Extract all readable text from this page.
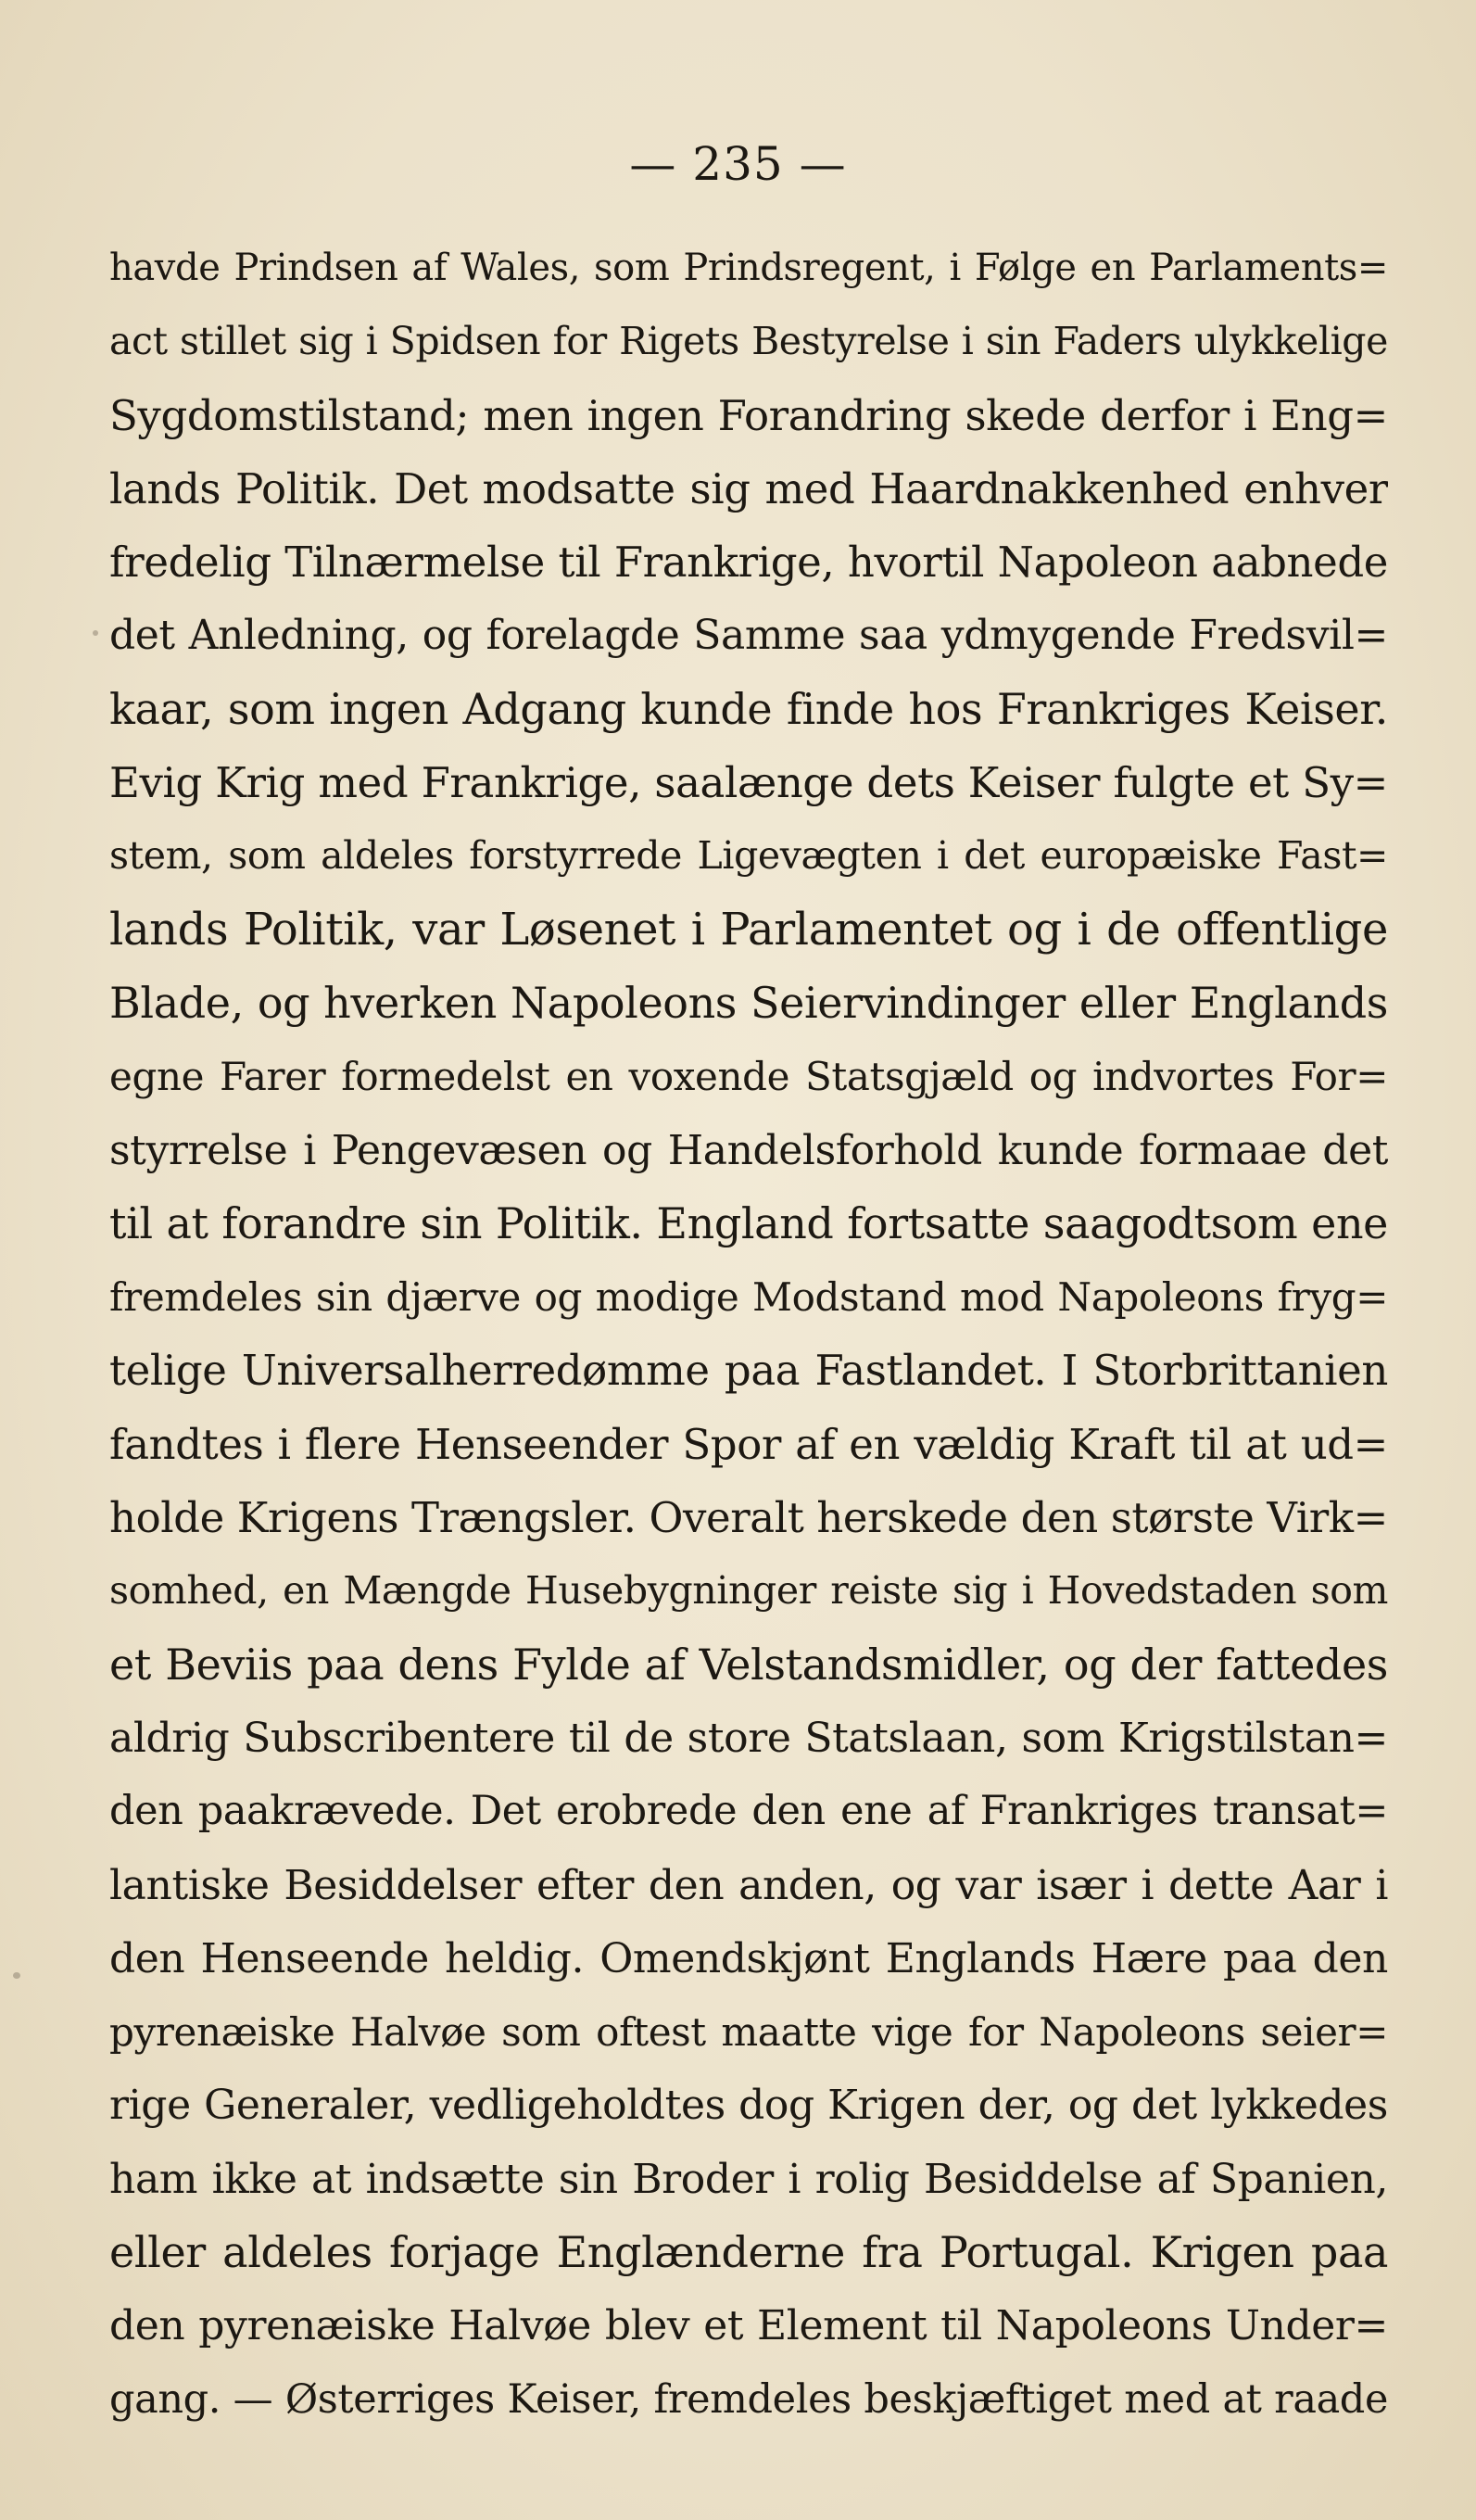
— 235 —
havde Prindsen af Wales, som Prindsregent, i Følge en Parlaments=
act stillet sig i Spidsen for Rigets Bestyrelse i sin Faders ulykkelige
Sygdomstilstand; men ingen Forandring skede derfor i Eng=
lands Politik. Det modsatte sig med Haardnakkenhed enhver
fredelig Tilnærmelse til Frankrige, hvortil Napoleon aabnede
det Anledning, og forelagde Samme saa ydmygende Fredsvil=
kaar, som ingen Adgang kunde finde hos Frankriges Keiser.
Evig Krig med Frankrige, saalænge dets Keiser fulgte et Sy=
stem, som aldeles forstyrrede Ligevægten i det europæiske Fast=
lands Politik, var Løsenet i Parlamentet og i de offentlige
Blade, og hverken Napoleons Seiervindinger eller Englands
egne Farer formedelst en voxende Statsgjæld og indvortes For=
styrrelse i Pengevæsen og Handelsforhold kunde formaae det
til at forandre sin Politik. England fortsatte saagodtsom ene
fremdeles sin djærve og modige Modstand mod Napoleons fryg=
telige Universalherredømme paa Fastlandet. I Storbrittanien
fandtes i flere Henseender Spor af en vældig Kraft til at ud=
holde Krigens Trængsler. Overalt herskede den største Virk=
somhed, en Mængde Husebygninger reiste sig i Hovedstaden som
et Beviis paa dens Fylde af Velstandsmidler, og der fattedes
aldrig Subscribentere til de store Statslaan, som Krigstilstan=
den paakrævede. Det erobrede den ene af Frankriges transat=
lantiske Besiddelser efter den anden, og var især i dette Aar i
den Henseende heldig. Omendskjønt Englands Hære paa den
pyrenæiske Halvøe som oftest maatte vige for Napoleons seier=
rige Generaler, vedligeholdtes dog Krigen der, og det lykkedes
ham ikke at indsætte sin Broder i rolig Besiddelse af Spanien,
eller aldeles forjage Englænderne fra Portugal. Krigen paa
den pyrenæiske Halvøe blev et Element til Napoleons Under=
gang. — Østerriges Keiser, fremdeles beskjæftiget med at raade
